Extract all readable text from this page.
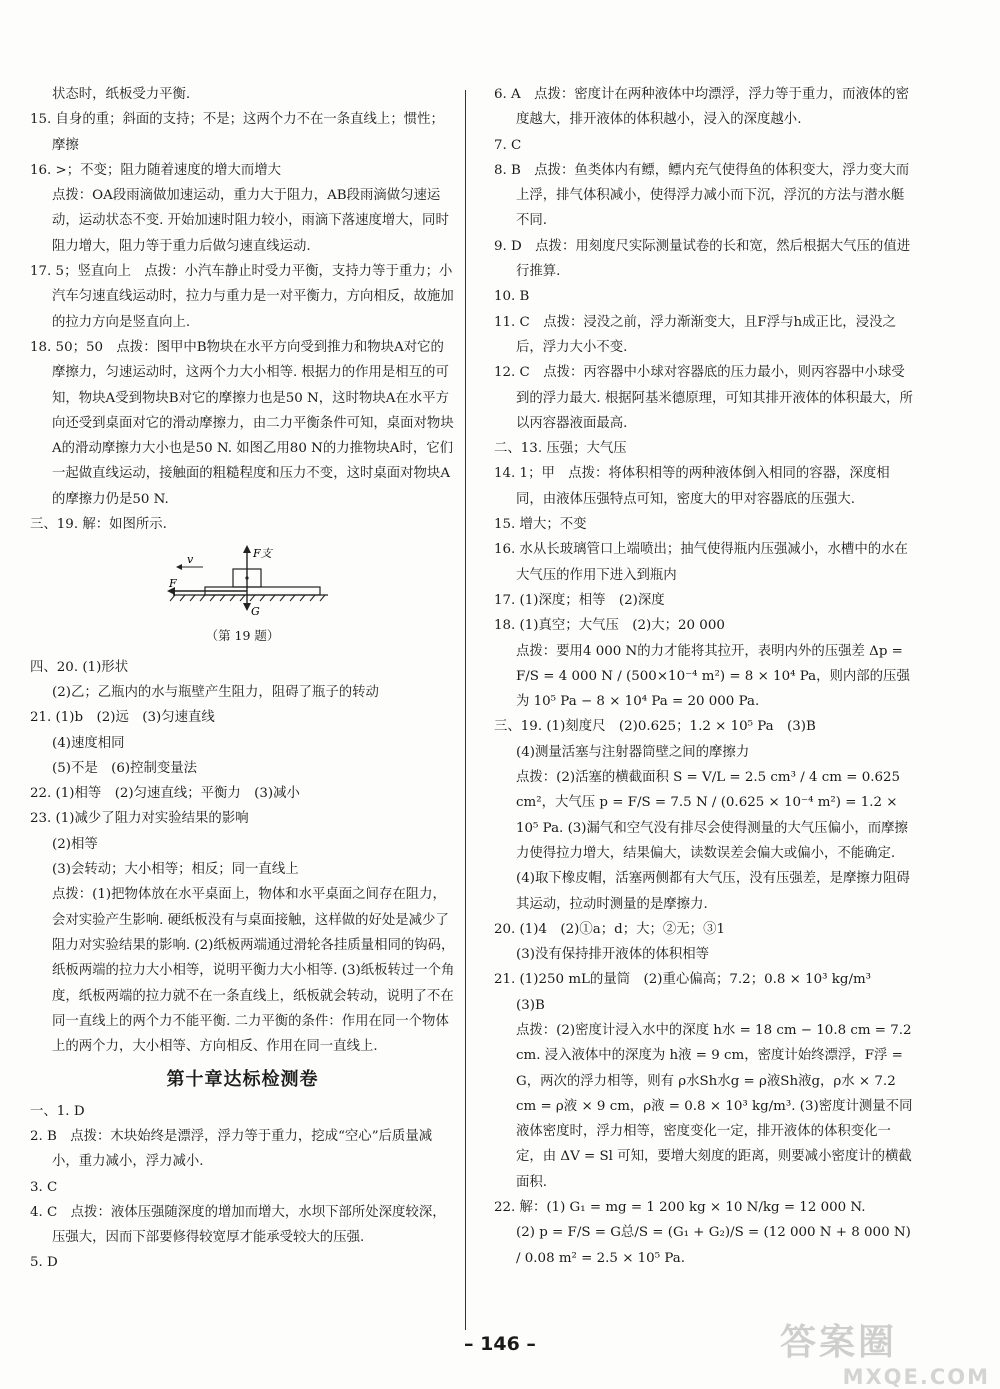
状态时，纸板受力平衡.

15. 自身的重；斜面的支持；不是；这两个力不在一条直线上；惯性；摩擦

16. >；不变；阻力随着速度的增大而增大

点拨：OA段雨滴做加速运动，重力大于阻力，AB段雨滴做匀速运动，运动状态不变. 开始加速时阻力较小，雨滴下落速度增大，同时阻力增大，阻力等于重力后做匀速直线运动.

17. 5；竖直向上　点拨：小汽车静止时受力平衡，支持力等于重力；小汽车匀速直线运动时，拉力与重力是一对平衡力，方向相反，故施加的拉力方向是竖直向上.

18. 50；50　点拨：图甲中B物块在水平方向受到推力和物块A对它的摩擦力，匀速运动时，这两个力大小相等. 根据力的作用是相互的可知，物块A受到物块B对它的摩擦力也是50 N，这时物块A在水平方向还受到桌面对它的滑动摩擦力，由二力平衡条件可知，桌面对物块A的滑动摩擦力大小也是50 N. 如图乙用80 N的力推物块A时，它们一起做直线运动，接触面的粗糙程度和压力不变，这时桌面对物块A的摩擦力仍是50 N.

三、19. 解：如图所示.

F支
v
F
G
（第 19 题）

四、20. (1)形状

(2)乙；乙瓶内的水与瓶壁产生阻力，阻碍了瓶子的转动

21. (1)b　(2)远　(3)匀速直线

(4)速度相同

(5)不是　(6)控制变量法

22. (1)相等　(2)匀速直线；平衡力　(3)减小

23. (1)减少了阻力对实验结果的影响

(2)相等

(3)会转动；大小相等；相反；同一直线上

点拨：(1)把物体放在水平桌面上，物体和水平桌面之间存在阻力，会对实验产生影响. 硬纸板没有与桌面接触，这样做的好处是减少了阻力对实验结果的影响. (2)纸板两端通过滑轮各挂质量相同的钩码，纸板两端的拉力大小相等，说明平衡力大小相等. (3)纸板转过一个角度，纸板两端的拉力就不在一条直线上，纸板就会转动，说明了不在同一直线上的两个力不能平衡. 二力平衡的条件：作用在同一个物体上的两个力，大小相等、方向相反、作用在同一直线上.

第十章达标检测卷

一、1. D

2. B　点拨：木块始终是漂浮，浮力等于重力，挖成“空心”后质量减小，重力减小，浮力减小.

3. C

4. C　点拨：液体压强随深度的增加而增大，水坝下部所处深度较深，压强大，因而下部要修得较宽厚才能承受较大的压强.

5. D

6. A　点拨：密度计在两种液体中均漂浮，浮力等于重力，而液体的密度越大，排开液体的体积越小，浸入的深度越小.

7. C

8. B　点拨：鱼类体内有鳔，鳔内充气使得鱼的体积变大，浮力变大而上浮，排气体积减小，使得浮力减小而下沉，浮沉的方法与潜水艇不同.

9. D　点拨：用刻度尺实际测量试卷的长和宽，然后根据大气压的值进行推算.

10. B

11. C　点拨：浸没之前，浮力渐渐变大，且F浮与h成正比，浸没之后，浮力大小不变.

12. C　点拨：丙容器中小球对容器底的压力最小，则丙容器中小球受到的浮力最大. 根据阿基米德原理，可知其排开液体的体积最大，所以丙容器液面最高.

二、13. 压强；大气压

14. 1；甲　点拨：将体积相等的两种液体倒入相同的容器，深度相同，由液体压强特点可知，密度大的甲对容器底的压强大.

15. 增大；不变

16. 水从长玻璃管口上端喷出；抽气使得瓶内压强减小，水槽中的水在大气压的作用下进入到瓶内

17. (1)深度；相等　(2)深度

18. (1)真空；大气压　(2)大；20 000

点拨：要用4 000 N的力才能将其拉开，表明内外的压强差 Δp = F/S = 4 000 N / (500×10⁻⁴ m²) = 8 × 10⁴ Pa，则内部的压强为 10⁵ Pa − 8 × 10⁴ Pa = 20 000 Pa.

三、19. (1)刻度尺　(2)0.625；1.2 × 10⁵ Pa　(3)B

(4)测量活塞与注射器筒壁之间的摩擦力

点拨：(2)活塞的横截面积 S = V/L = 2.5 cm³ / 4 cm = 0.625 cm²，大气压 p = F/S = 7.5 N / (0.625 × 10⁻⁴ m²) = 1.2 × 10⁵ Pa. (3)漏气和空气没有排尽会使得测量的大气压偏小，而摩擦力使得拉力增大，结果偏大，读数误差会偏大或偏小，不能确定. (4)取下橡皮帽，活塞两侧都有大气压，没有压强差，是摩擦力阻碍其运动，拉动时测量的是摩擦力.

20. (1)4　(2)①a；d；大；②无；③1

(3)没有保持排开液体的体积相等

21. (1)250 mL的量筒　(2)重心偏高；7.2；0.8 × 10³ kg/m³

(3)B

点拨：(2)密度计浸入水中的深度 h水 = 18 cm − 10.8 cm = 7.2 cm. 浸入液体中的深度为 h液 = 9 cm，密度计始终漂浮，F浮 = G，两次的浮力相等，则有 ρ水Sh水g = ρ液Sh液g，ρ水 × 7.2 cm = ρ液 × 9 cm，ρ液 = 0.8 × 10³ kg/m³. (3)密度计测量不同液体密度时，浮力相等，密度变化一定，排开液体的体积变化一定，由 ΔV = Sl 可知，要增大刻度的距离，则要减小密度计的横截面积.

22. 解：(1) G₁ = mg = 1 200 kg × 10 N/kg = 12 000 N.

(2) p = F/S = G总/S = (G₁ + G₂)/S = (12 000 N + 8 000 N) / 0.08 m² = 2.5 × 10⁵ Pa.

– 146 –	答案圈
MXQE.COM
